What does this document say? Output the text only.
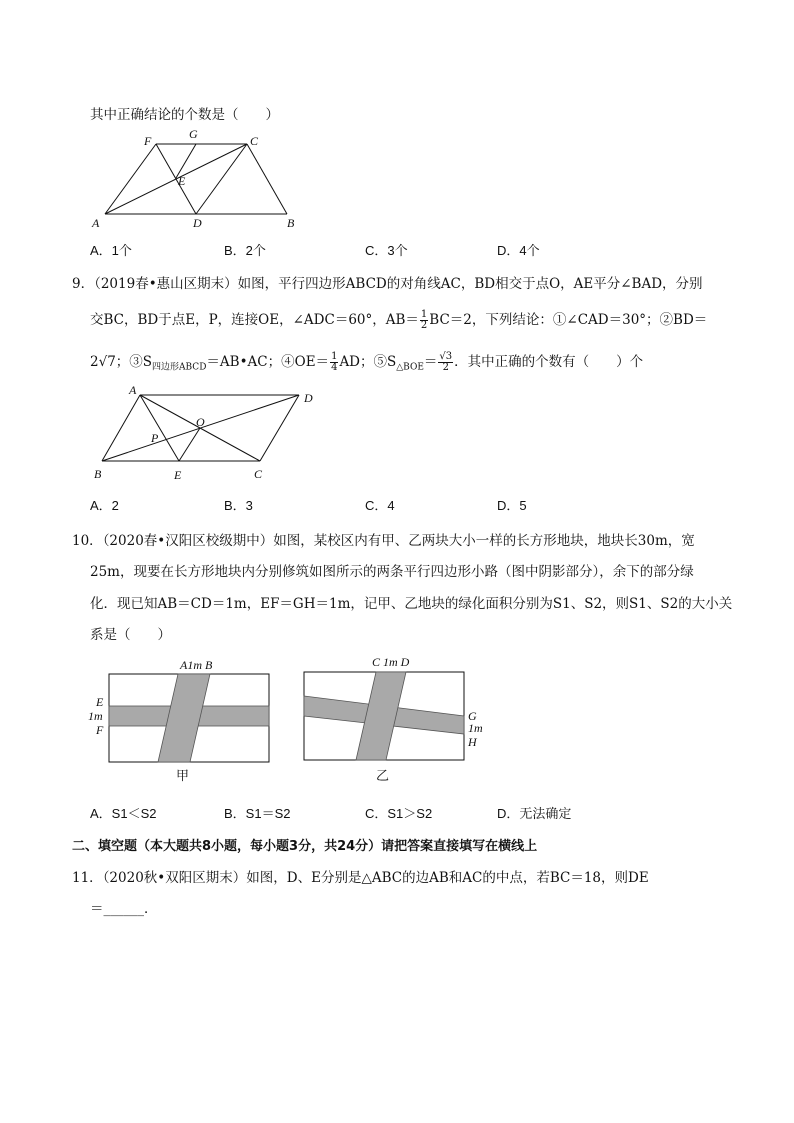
其中正确结论的个数是（　　）
F	G	C
E
A	D	B
A．1个	B．2个	C．3个	D．4个
9．（2019春•惠山区期末）如图，平行四边形ABCD的对角线AC，BD相交于点O，AE平分∠BAD，分别
交BC，BD于点E，P，连接OE，∠ADC＝60°，$AB= \frac{1}{2} BC=2$，下列结论：①∠CAD＝30°；②BD＝
2√7；$③S_{四边形ABCD}=AB•AC$；④OE＝ $\frac{1}{4}$ AD；$⑤S_{\triangle BOE}= \frac{√3}{2}$ ．其中正确的个数有（　　）个
A
D
O
P
B	E	C
A．2	B．3	C．4	D．5
10．（2020春•汉阳区校级期中）如图，某校区内有甲、乙两块大小一样的长方形地块，地块长30m，宽
25m，现要在长方形地块内分别修筑如图所示的两条平行四边形小路（图中阴影部分），余下的部分绿
化．现已知AB＝CD＝1m，EF＝GH＝1m，记甲、乙地块的绿化面积分别为S1、S2，则S1、S2的大小关
系是（　　）
A1m B
E
1m
F
甲
C 1m D
G
1m
H
乙
A．S1＜S2	B．S1＝S2	C．S1＞S2	D．无法确定
二、填空题（本大题共8小题，每小题3分，共24分）请把答案直接填写在横线上
11．（2020秋•双阳区期末）如图，D、E分别是△ABC的边AB和AC的中点，若BC＝18，则DE
＝______．
